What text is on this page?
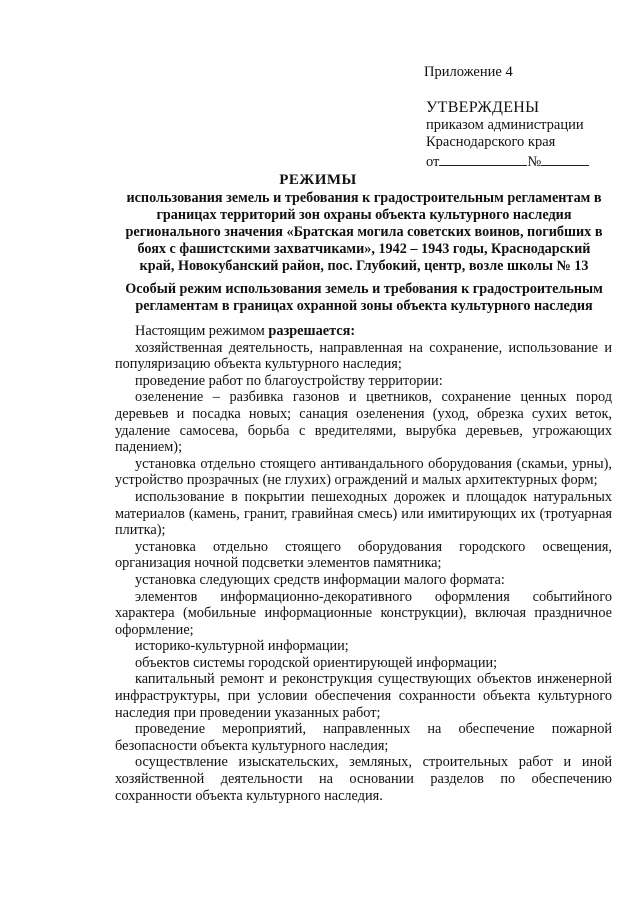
Приложение 4
УТВЕРЖДЕНЫ
приказом администрации
Краснодарского края
от	№
РЕЖИМЫ
использования земель и требования к градостроительным регламентам в
границах территорий зон охраны объекта культурного наследия
регионального значения «Братская могила советских воинов, погибших в
боях с фашистскими захватчиками», 1942 – 1943 годы, Краснодарский
край, Новокубанский район, пос. Глубокий, центр, возле школы № 13
Особый режим использования земель и требования к градостроительным
регламентам в границах охранной зоны объекта культурного наследия

Настоящим режимом разрешается:

хозяйственная деятельность, направленная на сохранение, использование и популяризацию объекта культурного наследия;

проведение работ по благоустройству территории:

озеленение – разбивка газонов и цветников, сохранение ценных пород деревьев и посадка новых; санация озеленения (уход, обрезка сухих веток, удаление самосева, борьба с вредителями, вырубка деревьев, угрожающих падением);

установка отдельно стоящего антивандального оборудования (скамьи, урны), устройство прозрачных (не глухих) ограждений и малых архитектурных форм;

использование в покрытии пешеходных дорожек и площадок натуральных материалов (камень, гранит, гравийная смесь) или имитирующих их (тротуарная плитка);

установка отдельно стоящего оборудования городского освещения, организация ночной подсветки элементов памятника;

установка следующих средств информации малого формата:

элементов информационно-декоративного оформления событийного характера (мобильные информационные конструкции), включая праздничное оформление;

историко-культурной информации;

объектов системы городской ориентирующей информации;

капитальный ремонт и реконструкция существующих объектов инженерной инфраструктуры, при условии обеспечения сохранности объекта культурного наследия при проведении указанных работ;

проведение мероприятий, направленных на обеспечение пожарной безопасности объекта культурного наследия;

осуществление изыскательских, земляных, строительных работ и иной хозяйственной деятельности на основании разделов по обеспечению сохранности объекта культурного наследия.
